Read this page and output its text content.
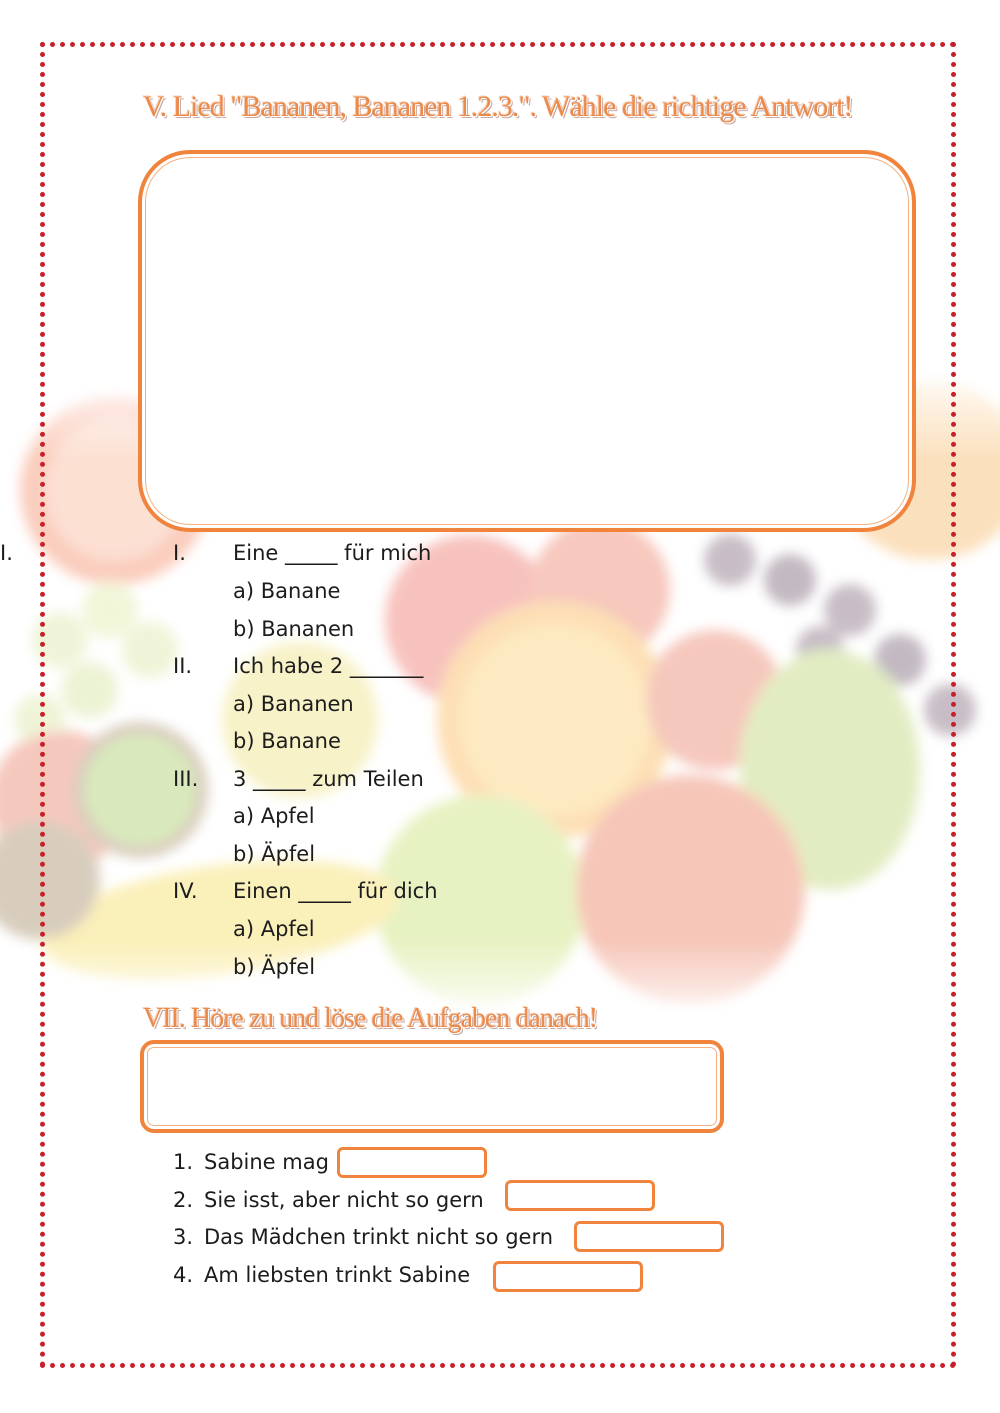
V. Lied "Bananen, Bananen 1.2.3.". Wähle die richtige Antwort!
I.	I. Eine _____ für mich
a) Banane
b) Bananen
II. Ich habe 2 _______
a) Bananen
b) Banane
III. 3 _____ zum Teilen
a) Apfel
b) Äpfel
IV. Einen _____ für dich
a) Apfel
b) Äpfel
VII. Höre zu und löse die Aufgaben danach!
1. Sabine mag
2. Sie isst, aber nicht so gern
3. Das Mädchen trinkt nicht so gern
4. Am liebsten trinkt Sabine
